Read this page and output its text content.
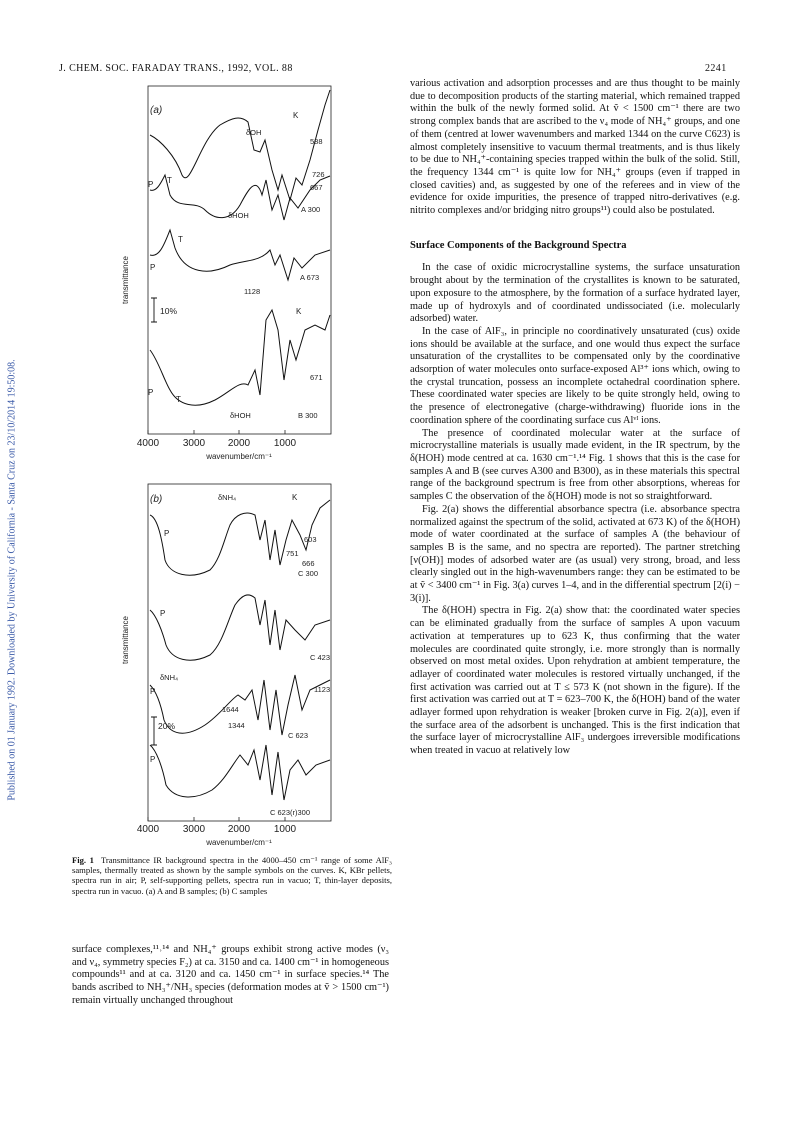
J. CHEM. SOC. FARADAY TRANS., 1992, VOL. 88	2241
Published on 01 January 1992. Downloaded by University of California - Santa Cruz on 23/10/2014 19:50:08.	4000 3000 2000 1000
wavenumber/cm⁻¹
transmittance
(a)	K
588
δOH
726
667
P T
δHOH
A 300
T
P
1128
A 673
10%	K
671
P
T
δHOH	B 300
4000 3000 2000 1000
wavenumber/cm⁻¹
transmittance
(b)	δNH₄	K
P
603
751
666
C 300
P
C 423
δNH₄
P	1123
1644
1344
C 623
20%
P
C 623(r)300
Fig. 1 Transmittance IR background spectra in the 4000–450 cm⁻¹ range of some AlF₃ samples, thermally treated as shown by the sample symbols on the curves. K, KBr pellets, spectra run in air; P, self-supporting pellets, spectra run in vacuo; T, thin-layer deposits, spectra run in vacuo. (a) A and B samples; (b) C samples

surface complexes,¹¹˒¹⁴ and NH₄⁺ groups exhibit strong active modes (ν₃ and ν₄, symmetry species F₂) at ca. 3150 and ca. 1400 cm⁻¹ in homogeneous compounds¹¹ and at ca. 3120 and ca. 1450 cm⁻¹ in surface species.¹⁴ The bands ascribed to NH₃⁺/NH₃ species (deformation modes at ṽ > 1500 cm⁻¹) remain virtually unchanged throughout

various activation and adsorption processes and are thus thought to be mainly due to decomposition products of the starting material, which remained trapped within the bulk of the newly formed solid. At ṽ < 1500 cm⁻¹ there are two strong complex bands that are ascribed to the ν₄ mode of NH₄⁺ groups, and one of them (centred at lower wavenumbers and marked 1344 on the curve C623) is almost completely insensitive to vacuum thermal treatments, and is thus likely to be due to NH₄⁺-containing species trapped within the bulk of the solid. Still, the frequency 1344 cm⁻¹ is quite low for NH₄⁺ groups (even if trapped in closed cavities) and, as suggested by one of the referees and in view of the evidence for oxide impurities, the presence of trapped nitro-derivatives (e.g. nitrito complexes and/or bridging nitro groups¹¹) could also be postulated.

Surface Components of the Background Spectra

In the case of oxidic microcrystalline systems, the surface unsaturation brought about by the termination of the crystallites is known to be saturated, upon exposure to the atmosphere, by the formation of a surface hydrated layer, made up of hydroxyls and of coordinated undissociated (i.e. molecularly adsorbed) water.

In the case of AlF₃, in principle no coordinatively unsaturated (cus) oxide ions should be available at the surface, and one would thus expect the surface unsaturation of the crystallites to be compensated only by the coordinative adsorption of water molecules onto surface-exposed Al³⁺ ions which, owing to the crystal truncation, possess an incomplete octahedral coordination sphere. These coordinated water species are likely to be quite strongly held, owing to the presence of electronegative (charge-withdrawing) fluoride ions in the coordination sphere of the coordinating surface cus Alᵛᴵ ions.

The presence of coordinated molecular water at the surface of microcrystalline materials is usually made evident, in the IR spectrum, by the δ(HOH) mode centred at ca. 1630 cm⁻¹.¹⁴ Fig. 1 shows that this is the case for samples A and B (see curves A300 and B300), as in these materials this spectral range of the background spectrum is free from other absorptions, whereas for samples C the observation of the δ(HOH) mode is not so straightforward.

Fig. 2(a) shows the differential absorbance spectra (i.e. absorbance spectra normalized against the spectrum of the solid, activated at 673 K) of the δ(HOH) mode of water coordinated at the surface of samples A (the behaviour of samples B is the same, and no spectra are reported). The partner stretching [ν(OH)] modes of adsorbed water are (as usual) very strong, broad, and less clearly singled out in the high-wavenumbers range: they can be estimated to be at ṽ < 3400 cm⁻¹ in Fig. 3(a) curves 1–4, and in the differential spectrum [2(i) − 3(i)].

The δ(HOH) spectra in Fig. 2(a) show that: the coordinated water species can be eliminated gradually from the surface of samples A upon vacuum activation at temperatures up to 623 K, thus confirming that the water molecules are coordinated quite strongly, i.e. more strongly than is normally observed on most metal oxides. Upon rehydration at ambient temperature, the adlayer of coordinated water molecules is restored virtually unchanged, if the first activation was carried out at T ≤ 573 K (not shown in the figure). If the first activation was carried out at T = 623–700 K, the δ(HOH) band of the water adlayer formed upon rehydration is weaker [broken curve in Fig. 2(a)], even if the surface area of the adsorbent is unchanged. This is the first indication that the surface layer of microcrystalline AlF₃ undergoes irreversible modifications when treated in vacuo at relatively low
